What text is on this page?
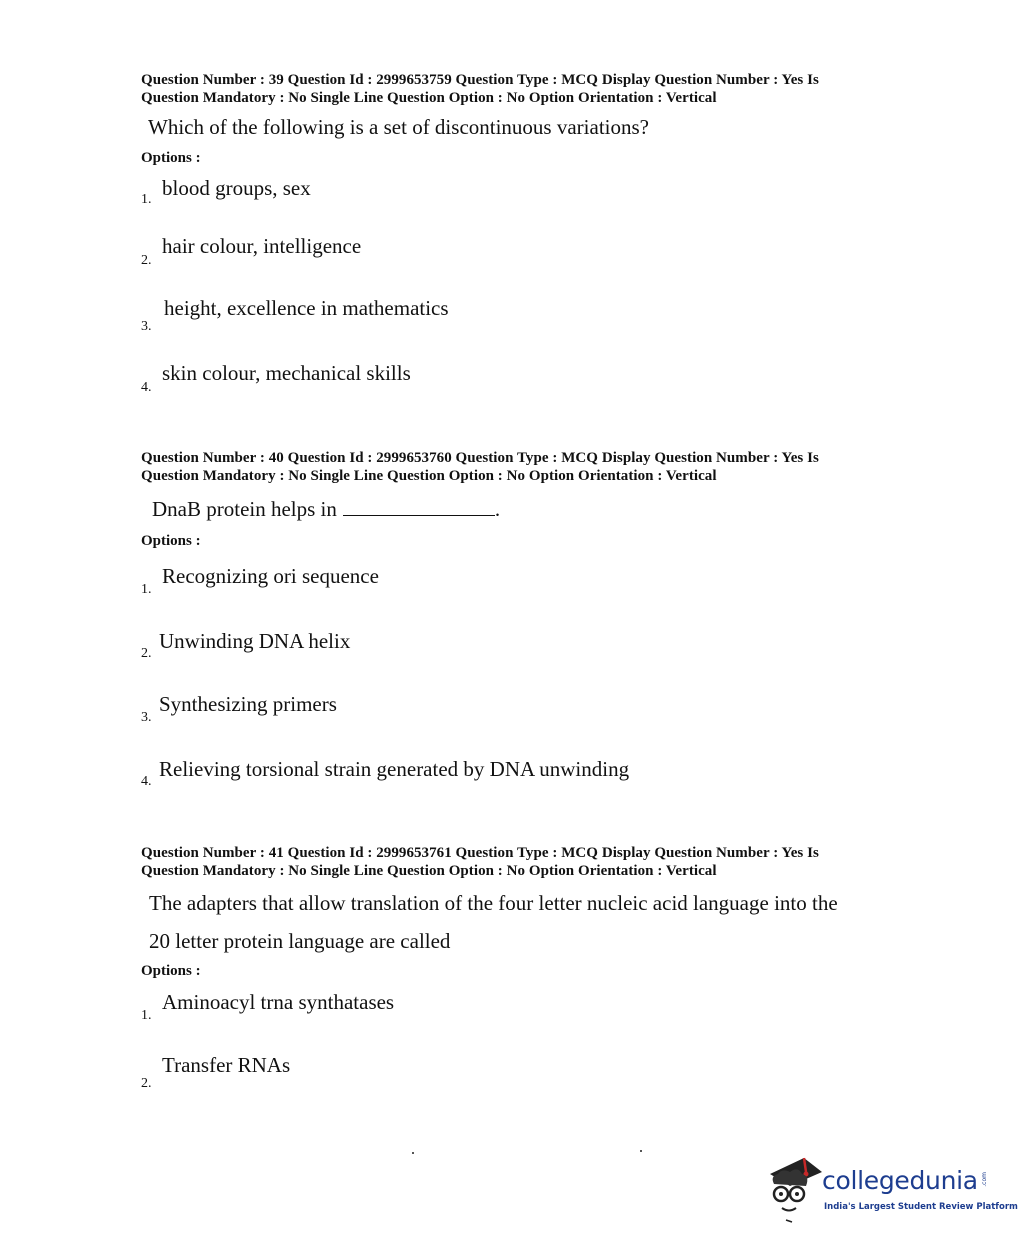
Question Number : 39 Question Id : 2999653759 Question Type : MCQ Display Question Number : Yes Is
Question Mandatory : No Single Line Question Option : No Option Orientation : Vertical
Which of the following is a set of discontinuous variations?
Options :
1. blood groups, sex
2.
hair colour, intelligence
3.
height, excellence in mathematics
4.
skin colour, mechanical skills
Question Number : 40 Question Id : 2999653760 Question Type : MCQ Display Question Number : Yes Is
Question Mandatory : No Single Line Question Option : No Option Orientation : Vertical
DnaB protein helps in	.
Options :
1.
Recognizing ori sequence
2.
Unwinding DNA helix
3.
Synthesizing primers
4.
Relieving torsional strain generated by DNA unwinding
Question Number : 41 Question Id : 2999653761 Question Type : MCQ Display Question Number : Yes Is
Question Mandatory : No Single Line Question Option : No Option Orientation : Vertical
The adapters that allow translation of the four letter nucleic acid language into the
20 letter protein language are called
Options :
1.
Aminoacyl trna synthatases
2.
Transfer RNAs
collegedunia .com
India's Largest Student Review Platform
